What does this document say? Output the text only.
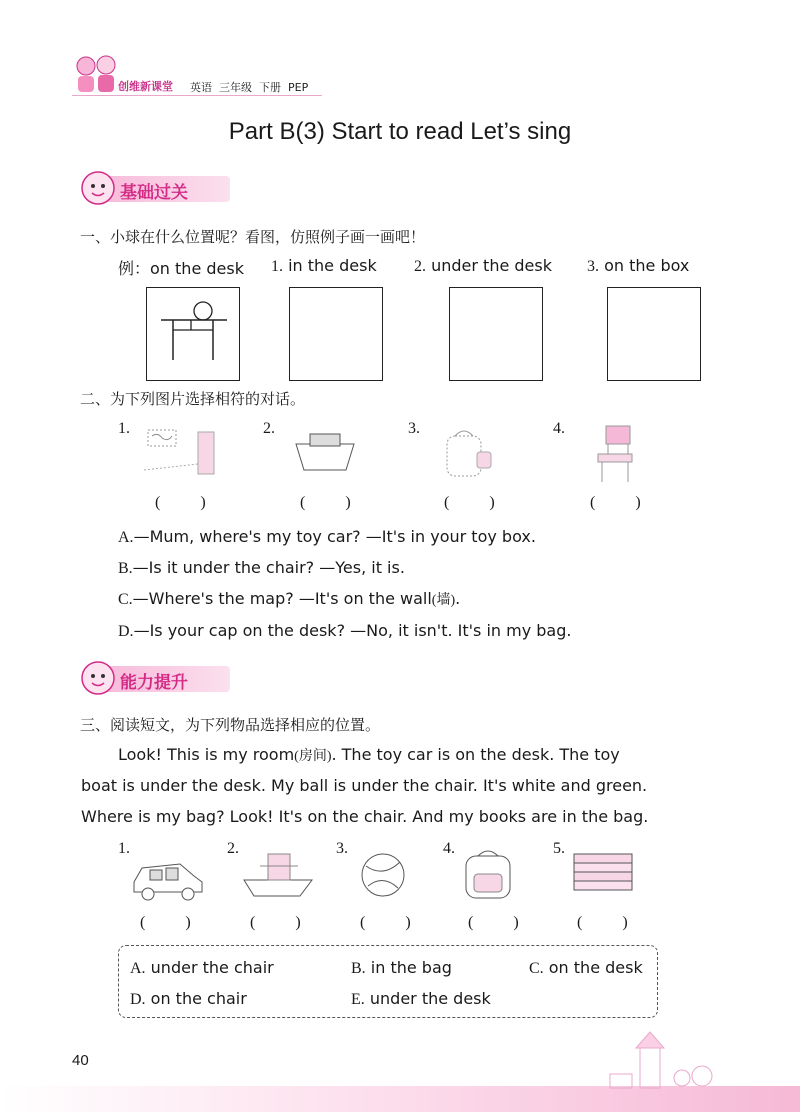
创维新课堂 英语 三年级 下册 PEP
Part B(3) Start to read Let’s sing
基础过关
一、小球在什么位置呢？看图，仿照例子画一画吧！
例：on the desk 1. in the desk 2. under the desk 3. on the box
二、为下列图片选择相符的对话。
1.	2.	3.	4.
( )	( )	( )	( )
A.—Mum, where's my toy car? —It's in your toy box.
B.—Is it under the chair? —Yes, it is.
C.—Where's the map? —It's on the wall(墙).
D.—Is your cap on the desk? —No, it isn't. It's in my bag.
能力提升
三、阅读短文，为下列物品选择相应的位置。
Look! This is my room(房间). The toy car is on the desk. The toy
boat is under the desk. My ball is under the chair. It's white and green.
Where is my bag? Look! It's on the chair. And my books are in the bag.
1.	2.	3.	4.	5.
( )	( )	( ) ( )	( )
A. under the chair	B. in the bag	C. on the desk
D. on the chair	E. under the desk
40
